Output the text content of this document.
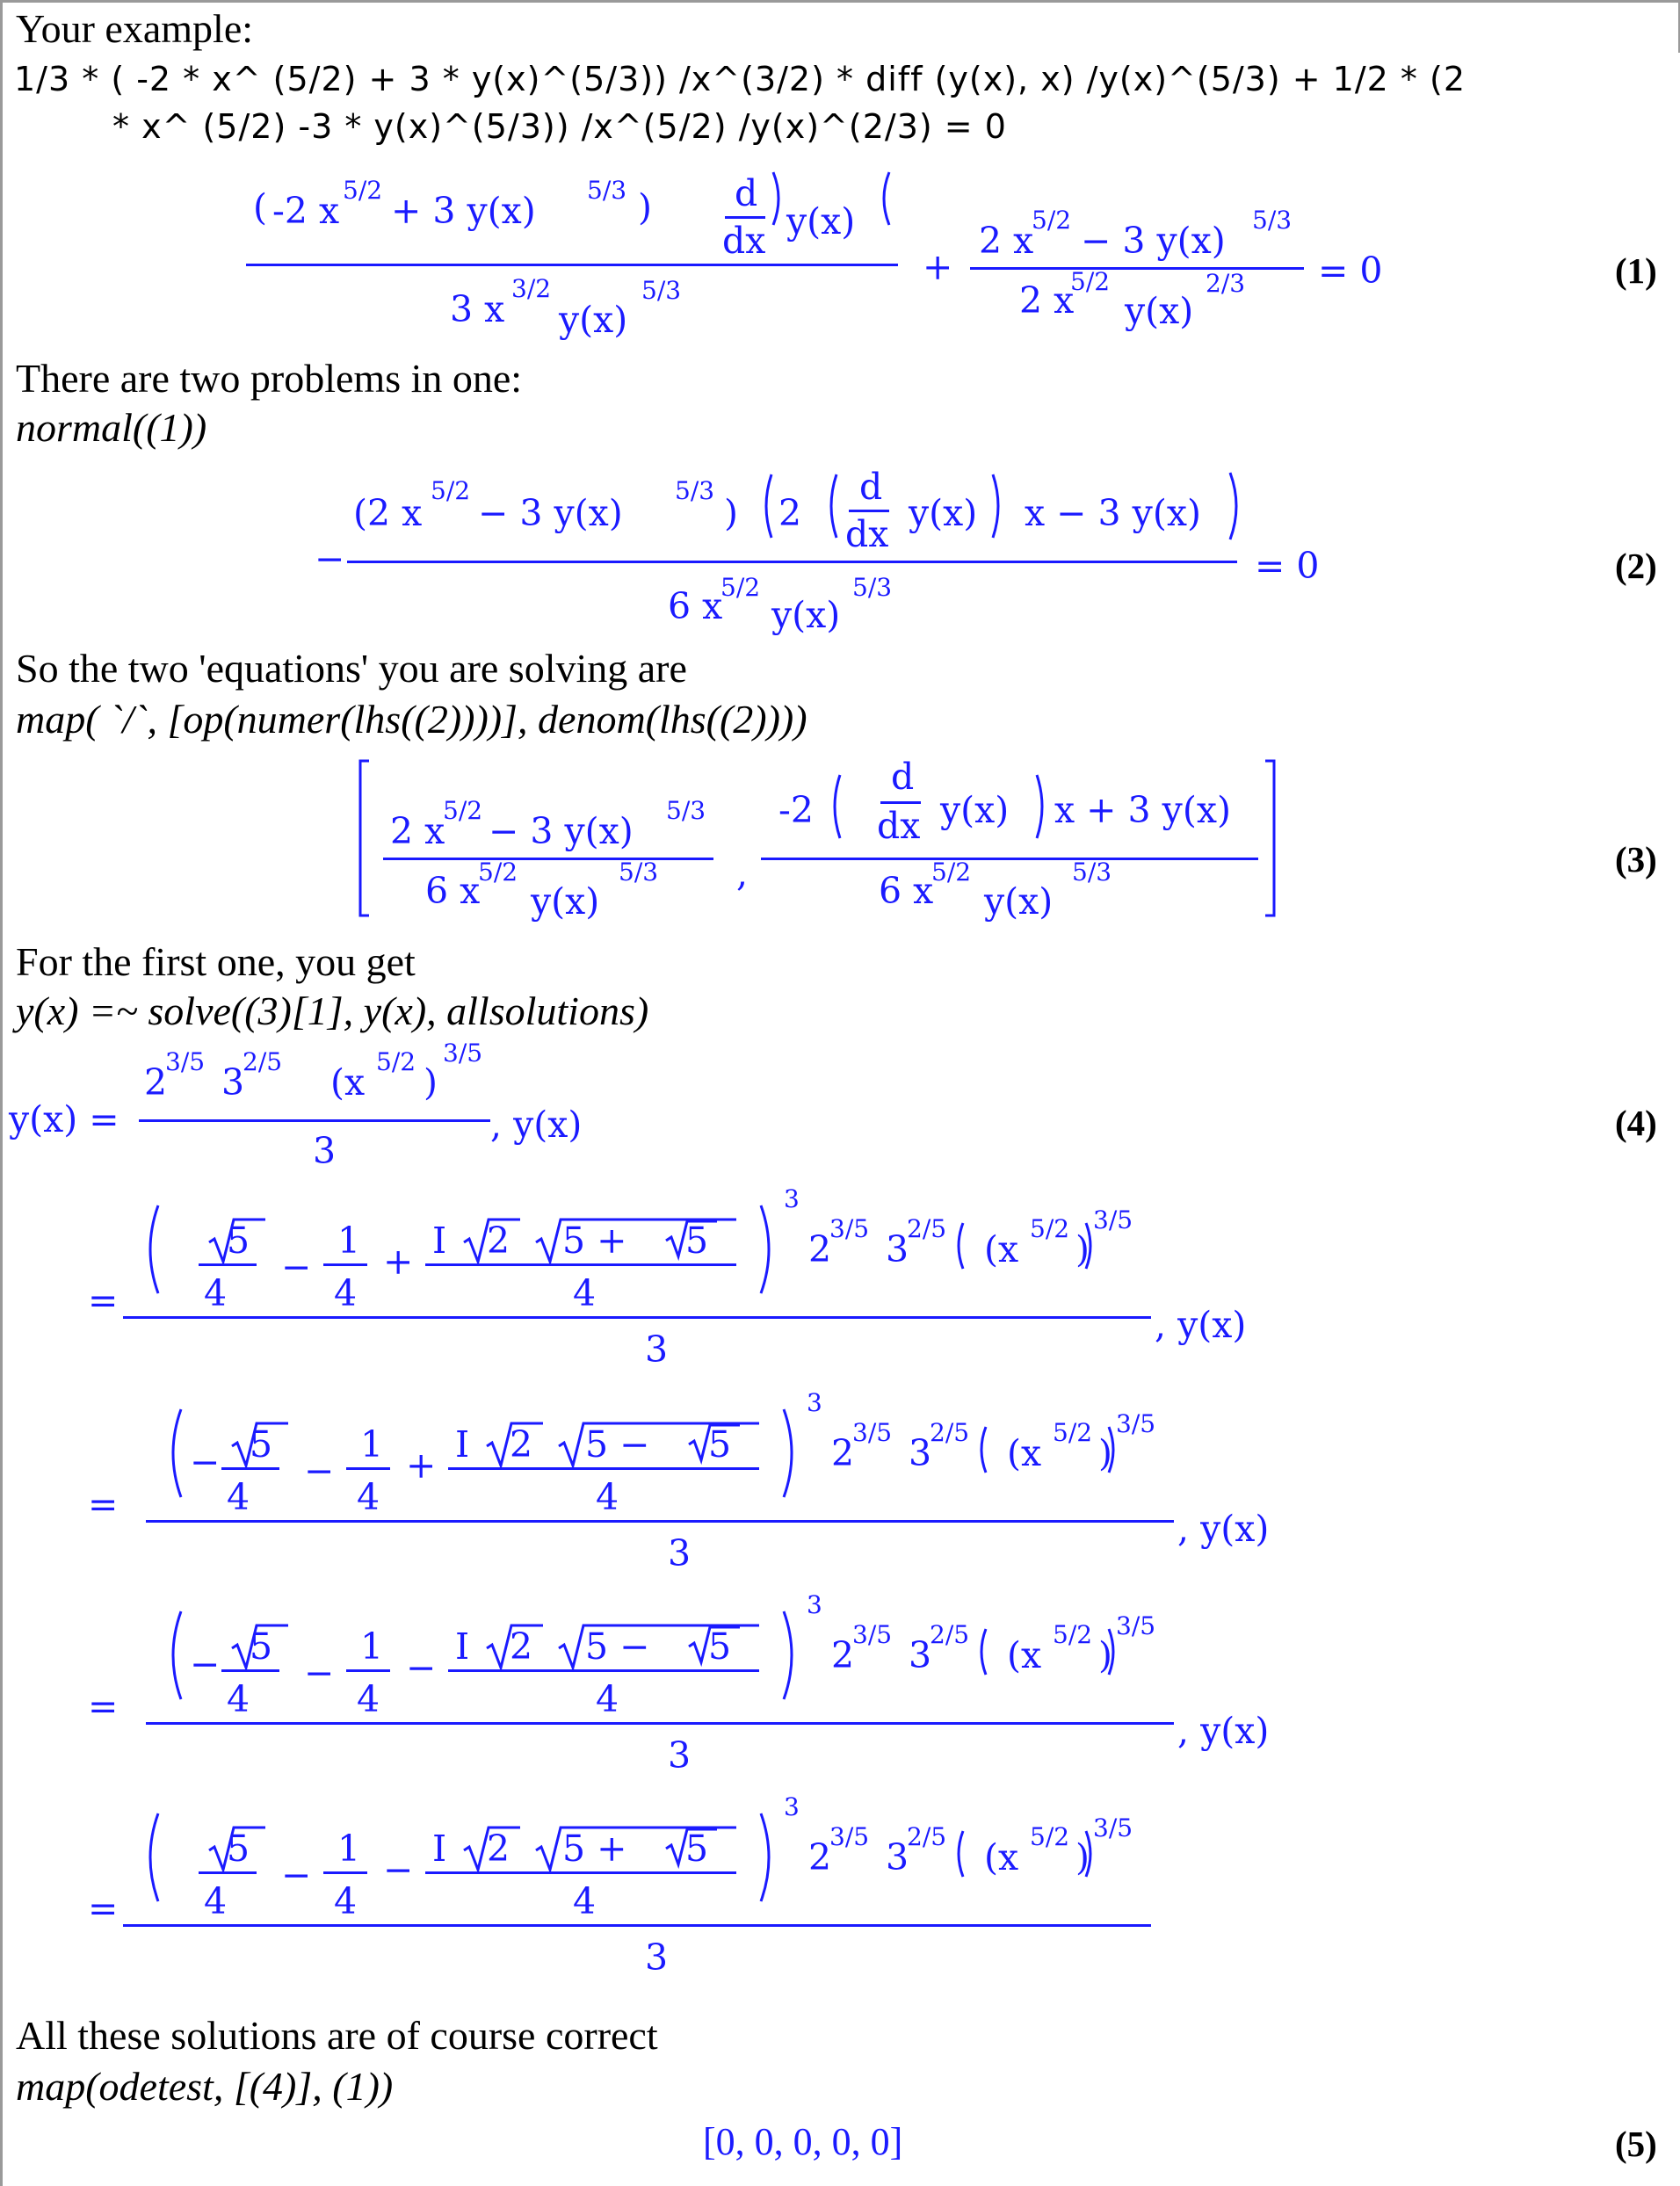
Your example:
1/3 * ( -2 * x^ (5/2) + 3 * y(x)^(5/3)) /x^(3/2) * diff (y(x), x) /y(x)^(5/3) + 1/2 * (2
* x^ (5/2) -3 * y(x)^(5/3)) /x^(5/2) /y(x)^(2/3) = 0
( -2 x 5/2 + 3 y(x) 5/3 ) d
dx y(x)
3 x 3/2
y(x)
5/3
+
2 x
5/2 − 3 y(x) 5/3
2 x
5/2
y(x)
2/3 = 0	(1)
There are two problems in one:
normal((1))
−
(2 x
5/2
− 3 y(x)
5/3
) 2
d
dx y(x) x − 3 y(x)
6 x
5/2
y(x)
5/3
= 0	(2)
So the two 'equations' you are solving are
map( `/`, [op(numer(lhs((2))))], denom(lhs((2))))
2 x
5/2 − 3 y(x) 5/3
6 x
5/2
y(x)
5/3 ,
-2
d
dx y(x) x + 3 y(x)
6 x
5/2
y(x)
5/3	(3)
For the first one, you get
y(x) =~ solve((3)[1], y(x), allsolutions)
y(x) =
2
3/5 3
2/5 (x 5/2 )
3/5
3
, y(x)	(4)
=
5
4
−
1
4
+ I 2 5 + 5
4
3
2
3/5 3
2/5 (x 5/2 )
3/5
3
, y(x)
=
− 5
4
−
1
4
+ I 2 5 − 5
4
3
2
3/5 3
2/5 (x 5/2 )
3/5
3
, y(x)
=
− 5
4
−
1
4
− I 2 5 − 5
4
3
2
3/5 3
2/5 (x 5/2 )
3/5
3
, y(x)
=
5
4
−
1
4
− I 2 5 + 5
4
3
2
3/5 3
2/5 (x 5/2 )
3/5
3
All these solutions are of course correct
map(odetest, [(4)], (1))
[0, 0, 0, 0, 0]	(5)
